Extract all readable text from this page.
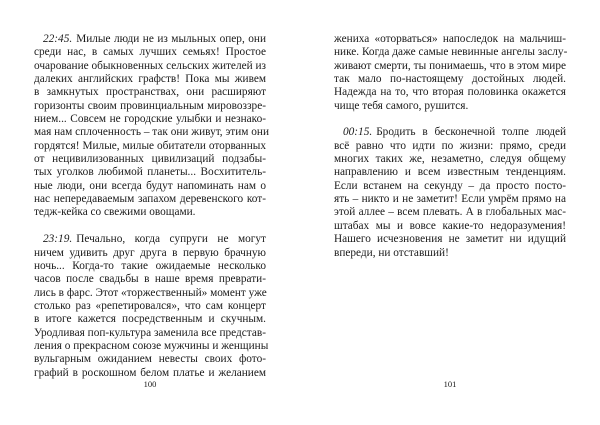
22:45. Милые люди не из мыльных опер, они
среди нас, в самых лучших семьях! Простое
очарование обыкновенных сельских жителей из
далеких английских графств! Пока мы живем
в замкнутых пространствах, они расширяют
горизонты своим провинциальным мировоззре-
нием... Совсем не городские улыбки и незнако-
мая нам сплоченность – так они живут, этим они
гордятся! Милые, милые обитатели оторванных
от нецивилизованных цивилизаций подзабы-
тых уголков любимой планеты... Восхититель-
ные люди, они всегда будут напоминать нам о
нас непередаваемым запахом деревенского кот-
тедж-кейка со свежими овощами.
23:19. Печально, когда супруги не могут
ничем удивить друг друга в первую брачную
ночь... Когда-то такие ожидаемые несколько
часов после свадьбы в наше время преврати-
лись в фарс. Этот «торжественный» момент уже
столько раз «репетировался», что сам концерт
в итоге кажется посредственным и скучным.
Уродливая поп-культура заменила все представ-
ления о прекрасном союзе мужчины и женщины
вульгарным ожиданием невесты своих фото-
графий в роскошном белом платье и желанием
100
жениха «оторваться» напоследок на мальчиш-
нике. Когда даже самые невинные ангелы заслу-
живают смерти, ты понимаешь, что в этом мире
так мало по-настоящему достойных людей.
Надежда на то, что вторая половинка окажется
чище тебя самого, рушится.
00:15. Бродить в бесконечной толпе людей
всё равно что идти по жизни: прямо, среди
многих таких же, незаметно, следуя общему
направлению и всем известным тенденциям.
Если встанем на секунду – да просто посто-
ять – никто и не заметит! Если умрём прямо на
этой аллее – всем плевать. А в глобальных мас-
штабах мы и вовсе какие-то недоразумения!
Нашего исчезновения не заметит ни идущий
впереди, ни отставший!
101
